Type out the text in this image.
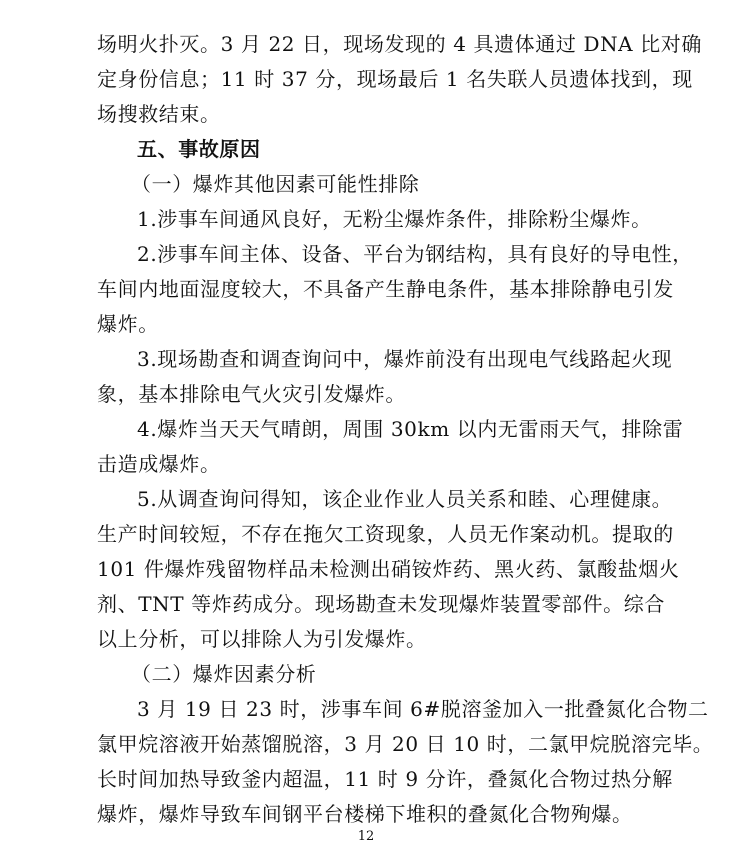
场明火扑灭。3 月 22 日，现场发现的 4 具遗体通过 DNA 比对确
定身份信息；11 时 37 分，现场最后 1 名失联人员遗体找到，现
场搜救结束。
五、事故原因
（一）爆炸其他因素可能性排除
1.涉事车间通风良好，无粉尘爆炸条件，排除粉尘爆炸。
2.涉事车间主体、设备、平台为钢结构，具有良好的导电性，
车间内地面湿度较大，不具备产生静电条件，基本排除静电引发
爆炸。
3.现场勘查和调查询问中，爆炸前没有出现电气线路起火现
象，基本排除电气火灾引发爆炸。
4.爆炸当天天气晴朗，周围 30km 以内无雷雨天气，排除雷
击造成爆炸。
5.从调查询问得知，该企业作业人员关系和睦、心理健康。
生产时间较短，不存在拖欠工资现象，人员无作案动机。提取的
101 件爆炸残留物样品未检测出硝铵炸药、黑火药、氯酸盐烟火
剂、TNT 等炸药成分。现场勘查未发现爆炸装置零部件。综合
以上分析，可以排除人为引发爆炸。
（二）爆炸因素分析
3 月 19 日 23 时，涉事车间 6#脱溶釜加入一批叠氮化合物二
氯甲烷溶液开始蒸馏脱溶，3 月 20 日 10 时，二氯甲烷脱溶完毕。
长时间加热导致釜内超温，11 时 9 分许，叠氮化合物过热分解
爆炸，爆炸导致车间钢平台楼梯下堆积的叠氮化合物殉爆。
12
